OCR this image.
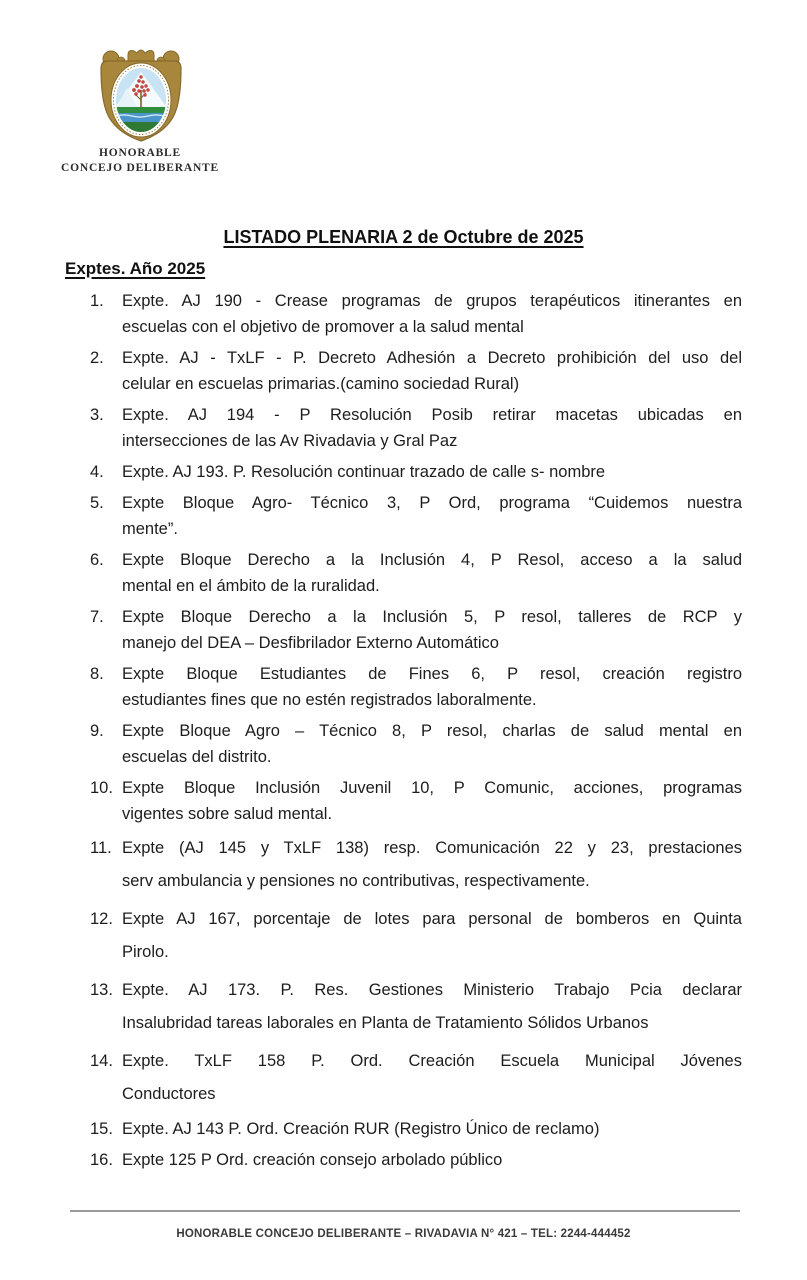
HONORABLE
CONCEJO DELIBERANTE
LISTADO PLENARIA 2 de Octubre de 2025
Exptes. Año 2025
1.	Expte. AJ 190 - Crease programas de grupos terapéuticos itinerantes en
escuelas con el objetivo de promover a la salud mental
2.	Expte. AJ - TxLF - P. Decreto Adhesión a Decreto prohibición del uso del
celular en escuelas primarias.(camino sociedad Rural)
3.	Expte. AJ 194 - P Resolución Posib retirar macetas ubicadas en
intersecciones de las Av Rivadavia y Gral Paz
4.	Expte. AJ 193. P. Resolución continuar trazado de calle s- nombre
5.	Expte Bloque Agro- Técnico 3, P Ord, programa “Cuidemos nuestra
mente”.
6.	Expte Bloque Derecho a la Inclusión 4, P Resol, acceso a la salud
mental en el ámbito de la ruralidad.
7.	Expte Bloque Derecho a la Inclusión 5, P resol, talleres de RCP y
manejo del DEA – Desfibrilador Externo Automático
8.	Expte Bloque Estudiantes de Fines 6, P resol, creación registro
estudiantes fines que no estén registrados laboralmente.
9.	Expte Bloque Agro – Técnico 8, P resol, charlas de salud mental en
escuelas del distrito.
10. Expte Bloque Inclusión Juvenil 10, P Comunic, acciones, programas
vigentes sobre salud mental.
11. Expte (AJ 145 y TxLF 138) resp. Comunicación 22 y 23, prestaciones
serv ambulancia y pensiones no contributivas, respectivamente.
12. Expte AJ 167, porcentaje de lotes para personal de bomberos en Quinta
Pirolo.
13. Expte. AJ 173. P. Res. Gestiones Ministerio Trabajo Pcia declarar
Insalubridad tareas laborales en Planta de Tratamiento Sólidos Urbanos
14. Expte. TxLF 158 P. Ord. Creación Escuela Municipal Jóvenes
Conductores
15. Expte. AJ 143 P. Ord. Creación RUR (Registro Único de reclamo)
16. Expte 125 P Ord. creación consejo arbolado público
HONORABLE CONCEJO DELIBERANTE – RIVADAVIA N° 421 – TEL: 2244-444452
